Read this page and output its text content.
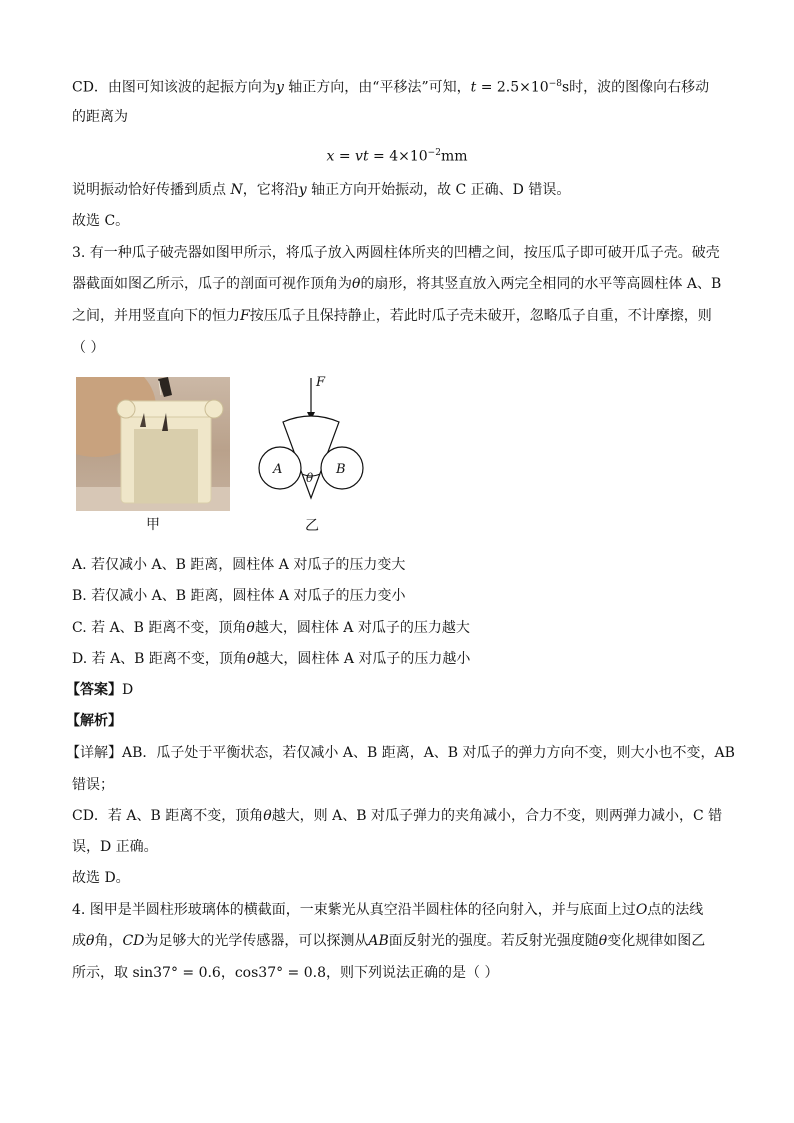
CD．由图可知该波的起振方向为y 轴正方向，由“平移法”可知，$t = 2.5\times 10^{-8}s$时，波的图像向右移动
的距离为
x = vt = $4\times 10^{-2}mm$
说明振动恰好传播到质点 N，它将沿y 轴正方向开始振动，故 C 正确、D 错误。
故选 C。
3. 有一种瓜子破壳器如图甲所示，将瓜子放入两圆柱体所夹的凹槽之间，按压瓜子即可破开瓜子壳。破壳
器截面如图乙所示，瓜子的剖面可视作顶角为θ的扇形，将其竖直放入两完全相同的水平等高圆柱体 A、B
之间，并用竖直向下的恒力F按压瓜子且保持静止，若此时瓜子壳未破开，忽略瓜子自重，不计摩擦，则
（ ）
甲
F
A	B
θ
乙
A. 若仅减小 A、B 距离，圆柱体 A 对瓜子的压力变大
B. 若仅减小 A、B 距离，圆柱体 A 对瓜子的压力变小
C. 若 A、B 距离不变，顶角θ越大，圆柱体 A 对瓜子的压力越大
D. 若 A、B 距离不变，顶角θ越大，圆柱体 A 对瓜子的压力越小
【答案】D
【解析】
【详解】AB．瓜子处于平衡状态，若仅减小 A、B 距离，A、B 对瓜子的弹力方向不变，则大小也不变，AB
错误；
CD．若 A、B 距离不变，顶角θ越大，则 A、B 对瓜子弹力的夹角减小，合力不变，则两弹力减小，C 错
误，D 正确。
故选 D。
4. 图甲是半圆柱形玻璃体的横截面，一束紫光从真空沿半圆柱体的径向射入，并与底面上过O点的法线
成θ角，CD为足够大的光学传感器，可以探测从AB面反射光的强度。若反射光强度随θ变化规律如图乙
所示，取 sin37° = 0.6，cos37° = 0.8，则下列说法正确的是（ ）
